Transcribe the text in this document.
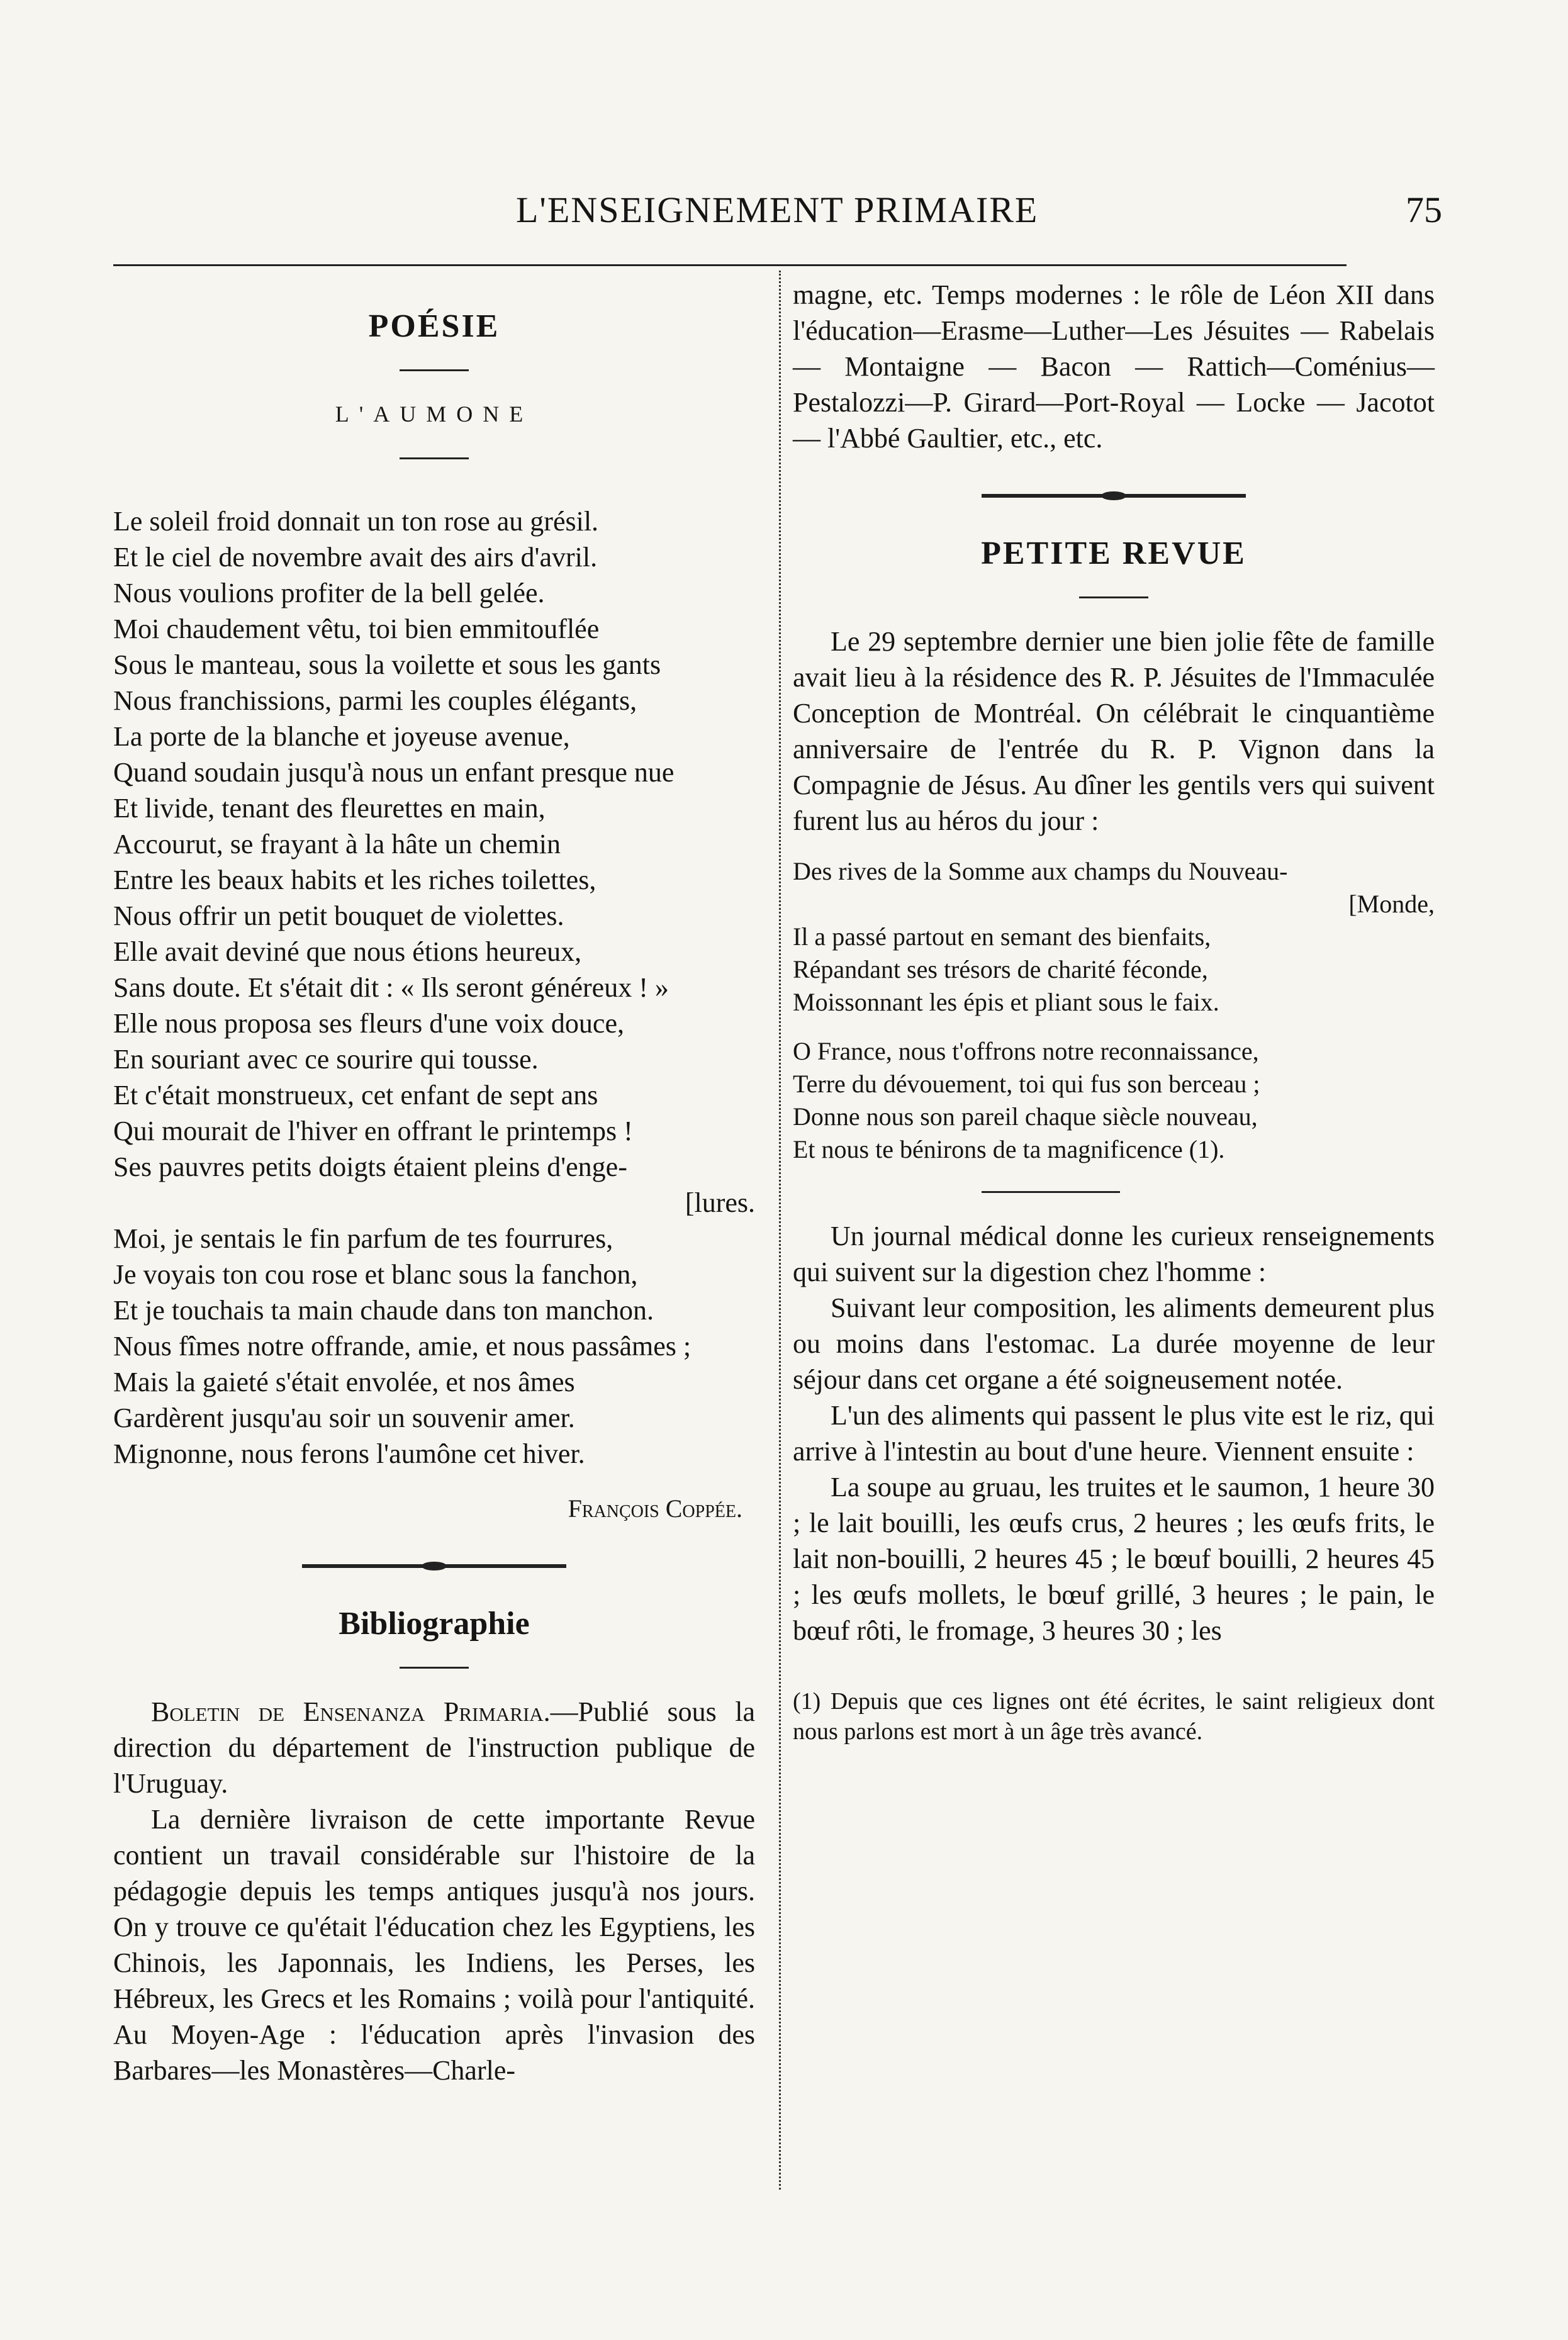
L'ENSEIGNEMENT PRIMAIRE	75
POÉSIE
L'AUMONE
Le soleil froid donnait un ton rose au grésil.
Et le ciel de novembre avait des airs d'avril.
Nous voulions profiter de la bell gelée.
Moi chaudement vêtu, toi bien emmitouflée
Sous le manteau, sous la voilette et sous les gants
Nous franchissions, parmi les couples élégants,
La porte de la blanche et joyeuse avenue,
Quand soudain jusqu'à nous un enfant presque nue
Et livide, tenant des fleurettes en main,
Accourut, se frayant à la hâte un chemin
Entre les beaux habits et les riches toilettes,
Nous offrir un petit bouquet de violettes.
Elle avait deviné que nous étions heureux,
Sans doute. Et s'était dit : « Ils seront généreux ! »
Elle nous proposa ses fleurs d'une voix douce,
En souriant avec ce sourire qui tousse.
Et c'était monstrueux, cet enfant de sept ans
Qui mourait de l'hiver en offrant le printemps !
Ses pauvres petits doigts étaient pleins d'enge-
[lures.
Moi, je sentais le fin parfum de tes fourrures,
Je voyais ton cou rose et blanc sous la fanchon,
Et je touchais ta main chaude dans ton manchon.
Nous fîmes notre offrande, amie, et nous passâmes ;
Mais la gaieté s'était envolée, et nos âmes
Gardèrent jusqu'au soir un souvenir amer.
Mignonne, nous ferons l'aumône cet hiver.
François Coppée.
Bibliographie

Boletin de Ensenanza Primaria.—Publié sous la direction du département de l'instruction publique de l'Uruguay.

La dernière livraison de cette importante Revue contient un travail considérable sur l'histoire de la pédagogie depuis les temps antiques jusqu'à nos jours. On y trouve ce qu'était l'éducation chez les Egyptiens, les Chinois, les Japonnais, les Indiens, les Perses, les Hébreux, les Grecs et les Romains ; voilà pour l'antiquité. Au Moyen-Age : l'éducation après l'invasion des Barbares—les Monastères—Charle-

magne, etc. Temps modernes : le rôle de Léon XII dans l'éducation—Erasme—Luther—Les Jésuites — Rabelais — Montaigne — Bacon — Rattich—Coménius—Pestalozzi—P. Girard—Port-Royal — Locke — Jacotot — l'Abbé Gaultier, etc., etc.

PETITE REVUE

Le 29 septembre dernier une bien jolie fête de famille avait lieu à la résidence des R. P. Jésuites de l'Immaculée Conception de Montréal. On célébrait le cinquantième anniversaire de l'entrée du R. P. Vignon dans la Compagnie de Jésus. Au dîner les gentils vers qui suivent furent lus au héros du jour :

Des rives de la Somme aux champs du Nouveau-
[Monde,
Il a passé partout en semant des bienfaits,
Répandant ses trésors de charité féconde,
Moissonnant les épis et pliant sous le faix.
O France, nous t'offrons notre reconnaissance,
Terre du dévouement, toi qui fus son berceau ;
Donne nous son pareil chaque siècle nouveau,
Et nous te bénirons de ta magnificence (1).

Un journal médical donne les curieux renseignements qui suivent sur la digestion chez l'homme :

Suivant leur composition, les aliments demeurent plus ou moins dans l'estomac. La durée moyenne de leur séjour dans cet organe a été soigneusement notée.

L'un des aliments qui passent le plus vite est le riz, qui arrive à l'intestin au bout d'une heure. Viennent ensuite :

La soupe au gruau, les truites et le saumon, 1 heure 30 ; le lait bouilli, les œufs crus, 2 heures ; les œufs frits, le lait non-bouilli, 2 heures 45 ; le bœuf bouilli, 2 heures 45 ; les œufs mollets, le bœuf grillé, 3 heures ; le pain, le bœuf rôti, le fromage, 3 heures 30 ; les

(1) Depuis que ces lignes ont été écrites, le saint religieux dont nous parlons est mort à un âge très avancé.
